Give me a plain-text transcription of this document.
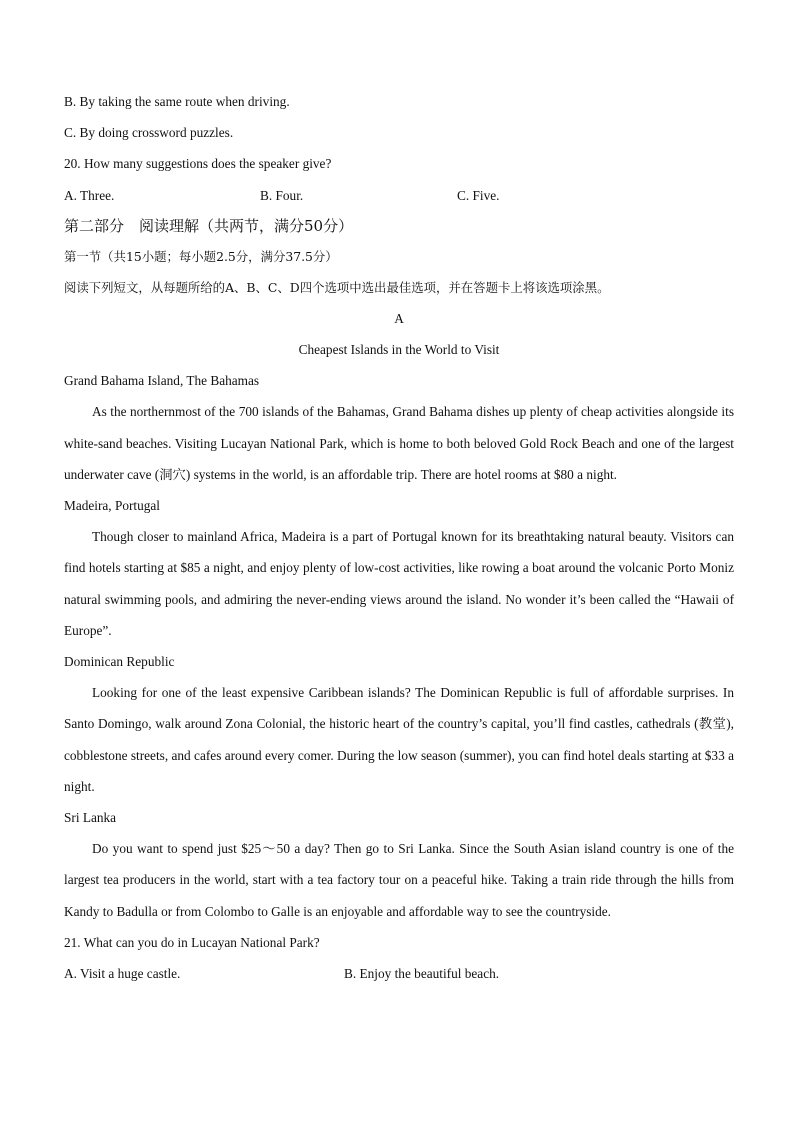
B. By taking the same route when driving.

C. By doing crossword puzzles.

20. How many suggestions does the speaker give?

A. Three.	B. Four.	C. Five.

第二部分　阅读理解（共两节，满分50分）

第一节（共15小题；每小题2.5分，满分37.5分）

阅读下列短文，从每题所给的A、B、C、D四个选项中选出最佳选项，并在答题卡上将该选项涂黑。

A

Cheapest Islands in the World to Visit

Grand Bahama Island, The Bahamas

As the northernmost of the 700 islands of the Bahamas, Grand Bahama dishes up plenty of cheap activities alongside its white-sand beaches. Visiting Lucayan National Park, which is home to both beloved Gold Rock Beach and one of the largest underwater cave (洞穴) systems in the world, is an affordable trip. There are hotel rooms at $80 a night.

Madeira, Portugal

Though closer to mainland Africa, Madeira is a part of Portugal known for its breathtaking natural beauty. Visitors can find hotels starting at $85 a night, and enjoy plenty of low-cost activities, like rowing a boat around the volcanic Porto Moniz natural swimming pools, and admiring the never-ending views around the island. No wonder it’s been called the “Hawaii of Europe”.

Dominican Republic

Looking for one of the least expensive Caribbean islands? The Dominican Republic is full of affordable surprises. In Santo Domingo, walk around Zona Colonial, the historic heart of the country’s capital, you’ll find castles, cathedrals (教堂), cobblestone streets, and cafes around every comer. During the low season (summer), you can find hotel deals starting at $33 a night.

Sri Lanka

Do you want to spend just $25～50 a day? Then go to Sri Lanka. Since the South Asian island country is one of the largest tea producers in the world, start with a tea factory tour on a peaceful hike. Taking a train ride through the hills from Kandy to Badulla or from Colombo to Galle is an enjoyable and affordable way to see the countryside.

21. What can you do in Lucayan National Park?

A. Visit a huge castle.	B. Enjoy the beautiful beach.
